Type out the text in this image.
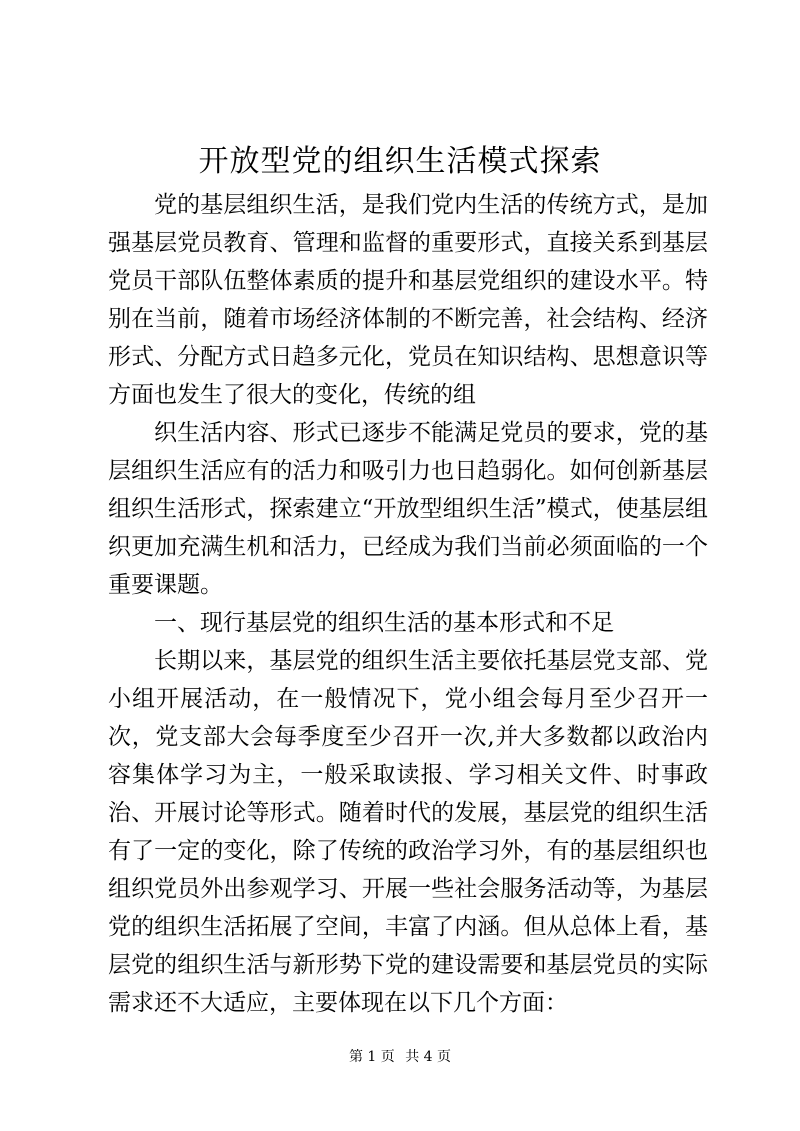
开放型党的组织生活模式探索

党的基层组织生活，是我们党内生活的传统方式，是加强基层党员教育、管理和监督的重要形式，直接关系到基层党员干部队伍整体素质的提升和基层党组织的建设水平。特别在当前，随着市场经济体制的不断完善，社会结构、经济形式、分配方式日趋多元化，党员在知识结构、思想意识等方面也发生了很大的变化，传统的组

织生活内容、形式已逐步不能满足党员的要求，党的基层组织生活应有的活力和吸引力也日趋弱化。如何创新基层组织生活形式，探索建立“开放型组织生活”模式，使基层组织更加充满生机和活力，已经成为我们当前必须面临的一个重要课题。

一、现行基层党的组织生活的基本形式和不足

长期以来，基层党的组织生活主要依托基层党支部、党小组开展活动，在一般情况下，党小组会每月至少召开一次，党支部大会每季度至少召开一次,并大多数都以政治内容集体学习为主，一般采取读报、学习相关文件、时事政治、开展讨论等形式。随着时代的发展，基层党的组织生活有了一定的变化，除了传统的政治学习外，有的基层组织也组织党员外出参观学习、开展一些社会服务活动等，为基层党的组织生活拓展了空间，丰富了内涵。但从总体上看，基层党的组织生活与新形势下党的建设需要和基层党员的实际需求还不大适应，主要体现在以下几个方面：

第 1 页 共 4 页
